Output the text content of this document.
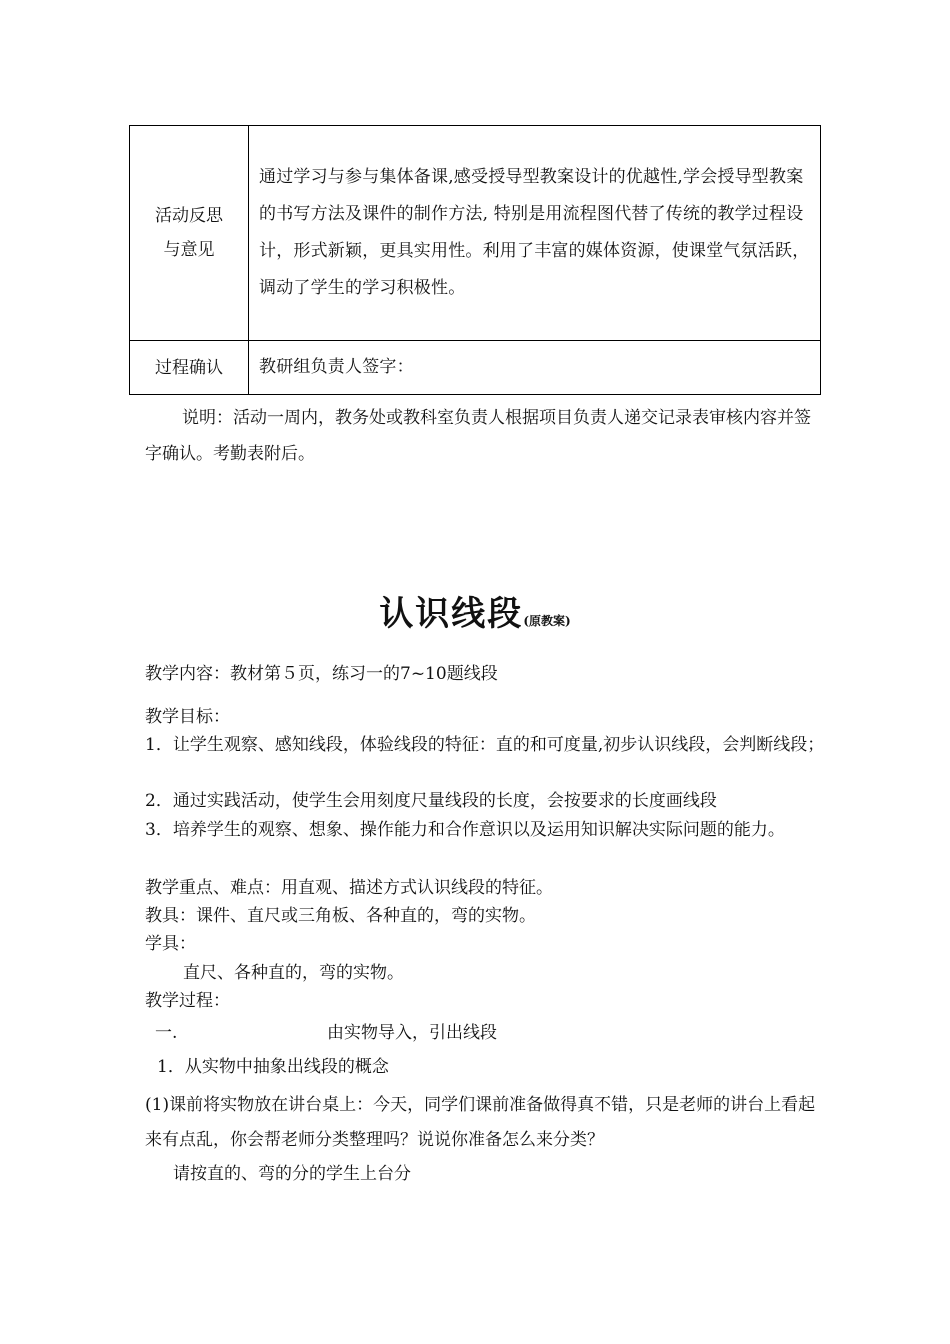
活动反思
与意见	通过学习与参与集体备课,感受授导型教案设计的优越性,学会授导型教案的书写方法及课件的制作方法, 特别是用流程图代替了传统的教学过程设计，形式新颖，更具实用性。利用了丰富的媒体资源，使课堂气氛活跃，调动了学生的学习积极性。
过程确认	教研组负责人签字：
说明：活动一周内，教务处或教科室负责人根据项目负责人递交记录表审核内容并签字确认。考勤表附后。
认识线段(原教案)
教学内容：教材第５页，练习一的7~10题线段
教学目标：
1．让学生观察、感知线段，体验线段的特征：直的和可度量,初步认识线段，会判断线段；
2．通过实践活动，使学生会用刻度尺量线段的长度，会按要求的长度画线段
3．培养学生的观察、想象、操作能力和合作意识以及运用知识解决实际问题的能力。
教学重点、难点：用直观、描述方式认识线段的特征。
教具：课件、直尺或三角板、各种直的，弯的实物。
学具：
直尺、各种直的，弯的实物。
教学过程：
一.	由实物导入，引出线段
1．从实物中抽象出线段的概念
(1)课前将实物放在讲台桌上：今天，同学们课前准备做得真不错，只是老师的讲台上看起来有点乱，你会帮老师分类整理吗？说说你准备怎么来分类？
请按直的、弯的分的学生上台分
